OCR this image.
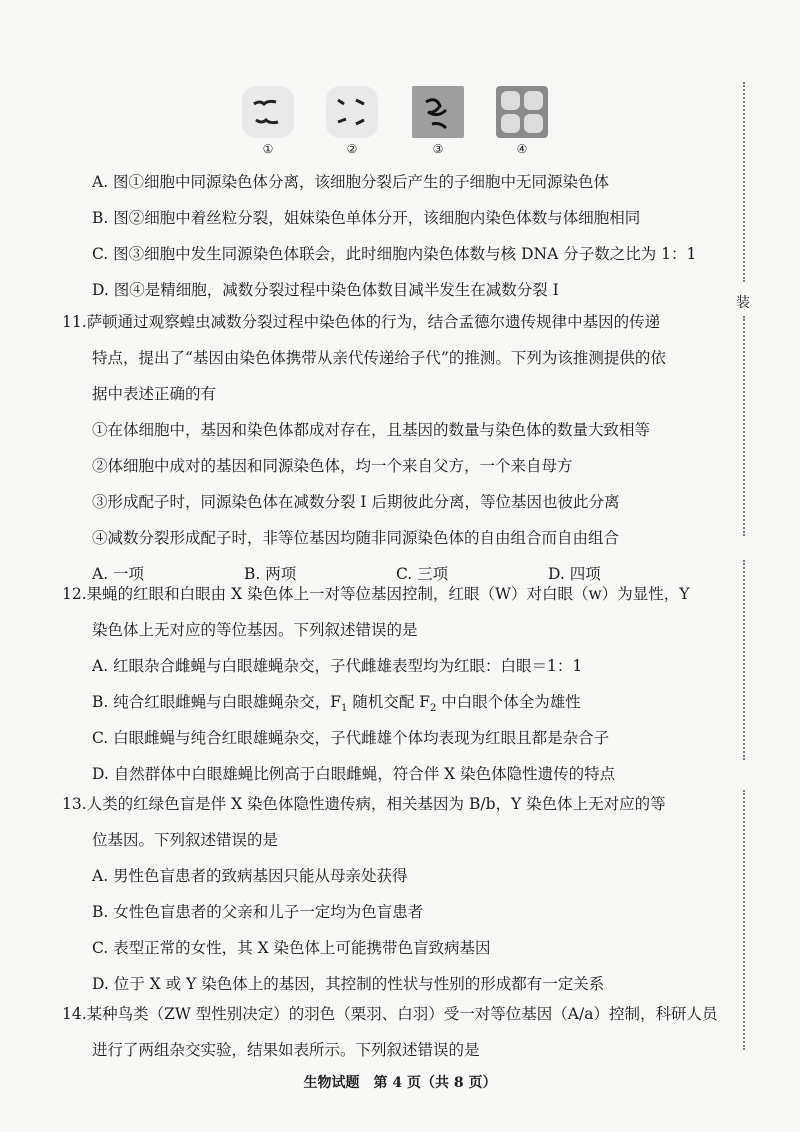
①	②	③	④
A. 图①细胞中同源染色体分离，该细胞分裂后产生的子细胞中无同源染色体
B. 图②细胞中着丝粒分裂，姐妹染色单体分开，该细胞内染色体数与体细胞相同
C. 图③细胞中发生同源染色体联会，此时细胞内染色体数与核 DNA 分子数之比为 1：1
D. 图④是精细胞，减数分裂过程中染色体数目减半发生在减数分裂 Ⅰ
11.萨顿通过观察蝗虫减数分裂过程中染色体的行为，结合孟德尔遗传规律中基因的传递
特点，提出了“基因由染色体携带从亲代传递给子代”的推测。下列为该推测提供的依
据中表述正确的有
①在体细胞中，基因和染色体都成对存在，且基因的数量与染色体的数量大致相等
②体细胞中成对的基因和同源染色体，均一个来自父方，一个来自母方
③形成配子时，同源染色体在减数分裂 Ⅰ 后期彼此分离，等位基因也彼此分离
④减数分裂形成配子时，非等位基因均随非同源染色体的自由组合而自由组合
A. 一项	B. 两项	C. 三项	D. 四项
12.果蝇的红眼和白眼由 X 染色体上一对等位基因控制，红眼（W）对白眼（w）为显性，Y
染色体上无对应的等位基因。下列叙述错误的是
A. 红眼杂合雌蝇与白眼雄蝇杂交，子代雌雄表型均为红眼：白眼＝1：1
B. 纯合红眼雌蝇与白眼雄蝇杂交，$F_1$ 随机交配 $F_2$ 中白眼个体全为雄性
C. 白眼雌蝇与纯合红眼雄蝇杂交，子代雌雄个体均表现为红眼且都是杂合子
D. 自然群体中白眼雄蝇比例高于白眼雌蝇，符合伴 X 染色体隐性遗传的特点
13.人类的红绿色盲是伴 X 染色体隐性遗传病，相关基因为 B/b，Y 染色体上无对应的等
位基因。下列叙述错误的是
A. 男性色盲患者的致病基因只能从母亲处获得
B. 女性色盲患者的父亲和儿子一定均为色盲患者
C. 表型正常的女性，其 X 染色体上可能携带色盲致病基因
D. 位于 X 或 Y 染色体上的基因，其控制的性状与性别的形成都有一定关系
14.某种鸟类（ZW 型性别决定）的羽色（栗羽、白羽）受一对等位基因（A/a）控制，科研人员
进行了两组杂交实验，结果如表所示。下列叙述错误的是
装
生物试题　第 4 页（共 8 页）
